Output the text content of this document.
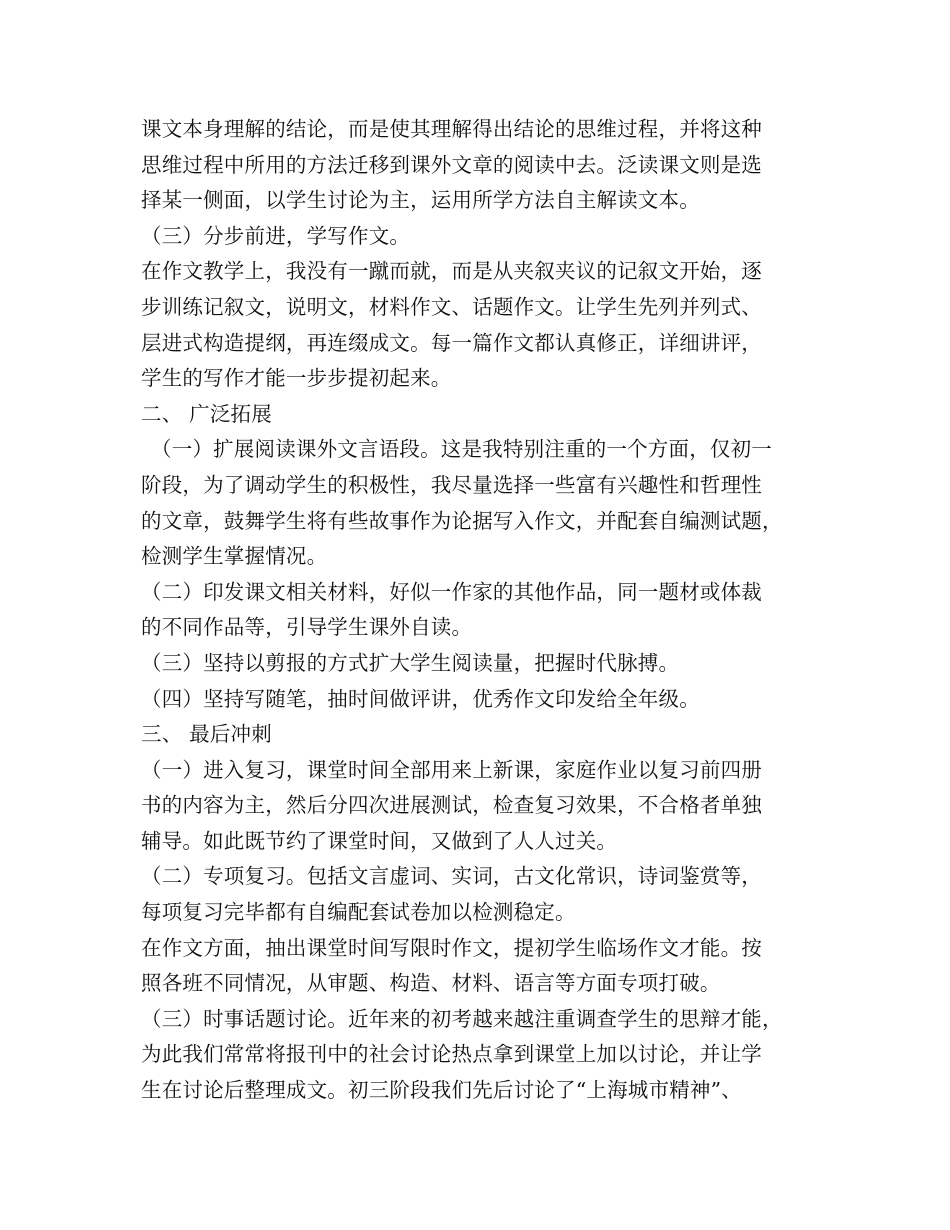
课文本身理解的结论，而是使其理解得出结论的思维过程，并将这种
思维过程中所用的方法迁移到课外文章的阅读中去。泛读课文则是选
择某一侧面，以学生讨论为主，运用所学方法自主解读文本。
（三）分步前进，学写作文。
在作文教学上，我没有一蹴而就，而是从夹叙夹议的记叙文开始，逐
步训练记叙文，说明文，材料作文、话题作文。让学生先列并列式、
层进式构造提纲，再连缀成文。每一篇作文都认真修正，详细讲评，
学生的写作才能一步步提初起来。
二、 广泛拓展
（一）扩展阅读课外文言语段。这是我特别注重的一个方面，仅初一
阶段，为了调动学生的积极性，我尽量选择一些富有兴趣性和哲理性
的文章，鼓舞学生将有些故事作为论据写入作文，并配套自编测试题，
检测学生掌握情况。
（二）印发课文相关材料，好似一作家的其他作品，同一题材或体裁
的不同作品等，引导学生课外自读。
（三）坚持以剪报的方式扩大学生阅读量，把握时代脉搏。
（四）坚持写随笔，抽时间做评讲，优秀作文印发给全年级。
三、 最后冲刺
（一）进入复习，课堂时间全部用来上新课，家庭作业以复习前四册
书的内容为主，然后分四次进展测试，检查复习效果，不合格者单独
辅导。如此既节约了课堂时间，又做到了人人过关。
（二）专项复习。包括文言虚词、实词，古文化常识，诗词鉴赏等，
每项复习完毕都有自编配套试卷加以检测稳定。
在作文方面，抽出课堂时间写限时作文，提初学生临场作文才能。按
照各班不同情况，从审题、构造、材料、语言等方面专项打破。
（三）时事话题讨论。近年来的初考越来越注重调查学生的思辩才能，
为此我们常常将报刊中的社会讨论热点拿到课堂上加以讨论，并让学
生在讨论后整理成文。初三阶段我们先后讨论了“上海城市精神”、
